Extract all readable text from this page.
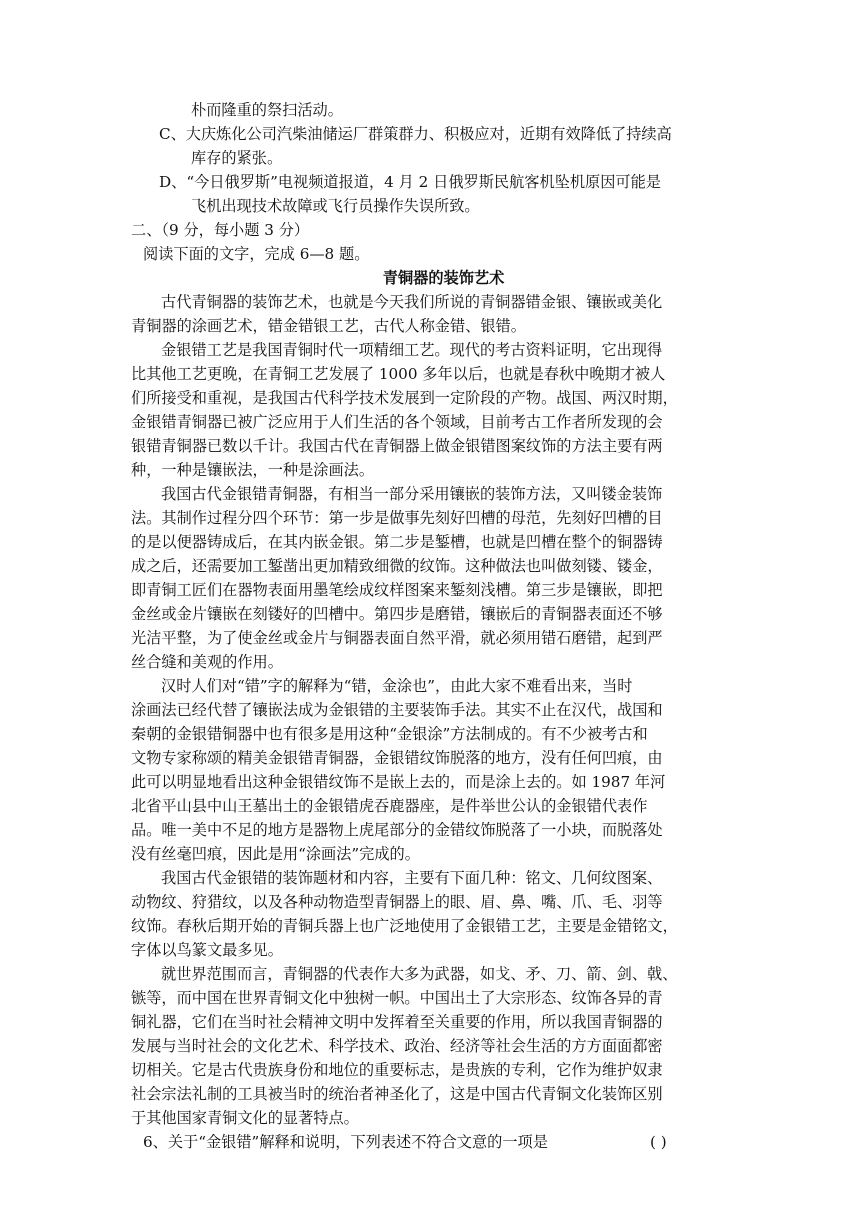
朴而隆重的祭扫活动。
C、大庆炼化公司汽柴油储运厂群策群力、积极应对，近期有效降低了持续高
库存的紧张。
D、“今日俄罗斯”电视频道报道，4 月 2 日俄罗斯民航客机坠机原因可能是
飞机出现技术故障或飞行员操作失误所致。
二、（9 分，每小题 3 分）
阅读下面的文字，完成 6—8 题。
青铜器的装饰艺术

古代青铜器的装饰艺术，也就是今天我们所说的青铜器错金银、镶嵌或美化

青铜器的涂画艺术，错金错银工艺，古代人称金错、银错。

金银错工艺是我国青铜时代一项精细工艺。现代的考古资料证明，它出现得

比其他工艺更晚，在青铜工艺发展了 1000 多年以后，也就是春秋中晚期才被人

们所接受和重视，是我国古代科学技术发展到一定阶段的产物。战国、两汉时期，

金银错青铜器已被广泛应用于人们生活的各个领域，目前考古工作者所发现的会

银错青铜器已数以千计。我国古代在青铜器上做金银错图案纹饰的方法主要有两

种，一种是镶嵌法，一种是涂画法。

我国古代金银错青铜器，有相当一部分采用镶嵌的装饰方法，又叫镂金装饰

法。其制作过程分四个环节：第一步是做事先刻好凹槽的母范，先刻好凹槽的目

的是以便器铸成后，在其内嵌金银。第二步是錾槽，也就是凹槽在整个的铜器铸

成之后，还需要加工錾凿出更加精致细微的纹饰。这种做法也叫做刻镂、镂金，

即青铜工匠们在器物表面用墨笔绘成纹样图案来錾刻浅槽。第三步是镶嵌，即把

金丝或金片镶嵌在刻镂好的凹槽中。第四步是磨错，镶嵌后的青铜器表面还不够

光洁平整，为了使金丝或金片与铜器表面自然平滑，就必须用错石磨错，起到严

丝合缝和美观的作用。

汉时人们对“错”字的解释为“错，金涂也”，由此大家不难看出来，当时

涂画法已经代替了镶嵌法成为金银错的主要装饰手法。其实不止在汉代，战国和

秦朝的金银错铜器中也有很多是用这种“金银涂”方法制成的。有不少被考古和

文物专家称颂的精美金银错青铜器，金银错纹饰脱落的地方，没有任何凹痕，由

此可以明显地看出这种金银错纹饰不是嵌上去的，而是涂上去的。如 1987 年河

北省平山县中山王墓出土的金银错虎吞鹿器座，是件举世公认的金银错代表作

品。唯一美中不足的地方是器物上虎尾部分的金错纹饰脱落了一小块，而脱落处

没有丝毫凹痕，因此是用“涂画法”完成的。

我国古代金银错的装饰题材和内容，主要有下面几种：铭文、几何纹图案、

动物纹、狩猎纹，以及各种动物造型青铜器上的眼、眉、鼻、嘴、爪、毛、羽等

纹饰。春秋后期开始的青铜兵器上也广泛地使用了金银错工艺，主要是金错铭文，

字体以鸟篆文最多见。

就世界范围而言，青铜器的代表作大多为武器，如戈、矛、刀、箭、剑、戟、

镞等，而中国在世界青铜文化中独树一帜。中国出土了大宗形态、纹饰各异的青

铜礼器，它们在当时社会精神文明中发挥着至关重要的作用，所以我国青铜器的

发展与当时社会的文化艺术、科学技术、政治、经济等社会生活的方方面面都密

切相关。它是古代贵族身份和地位的重要标志，是贵族的专利，它作为维护奴隶

社会宗法礼制的工具被当时的统治者神圣化了，这是中国古代青铜文化装饰区别

于其他国家青铜文化的显著特点。

6、关于“金银错”解释和说明，下列表述不符合文意的一项是	( )
